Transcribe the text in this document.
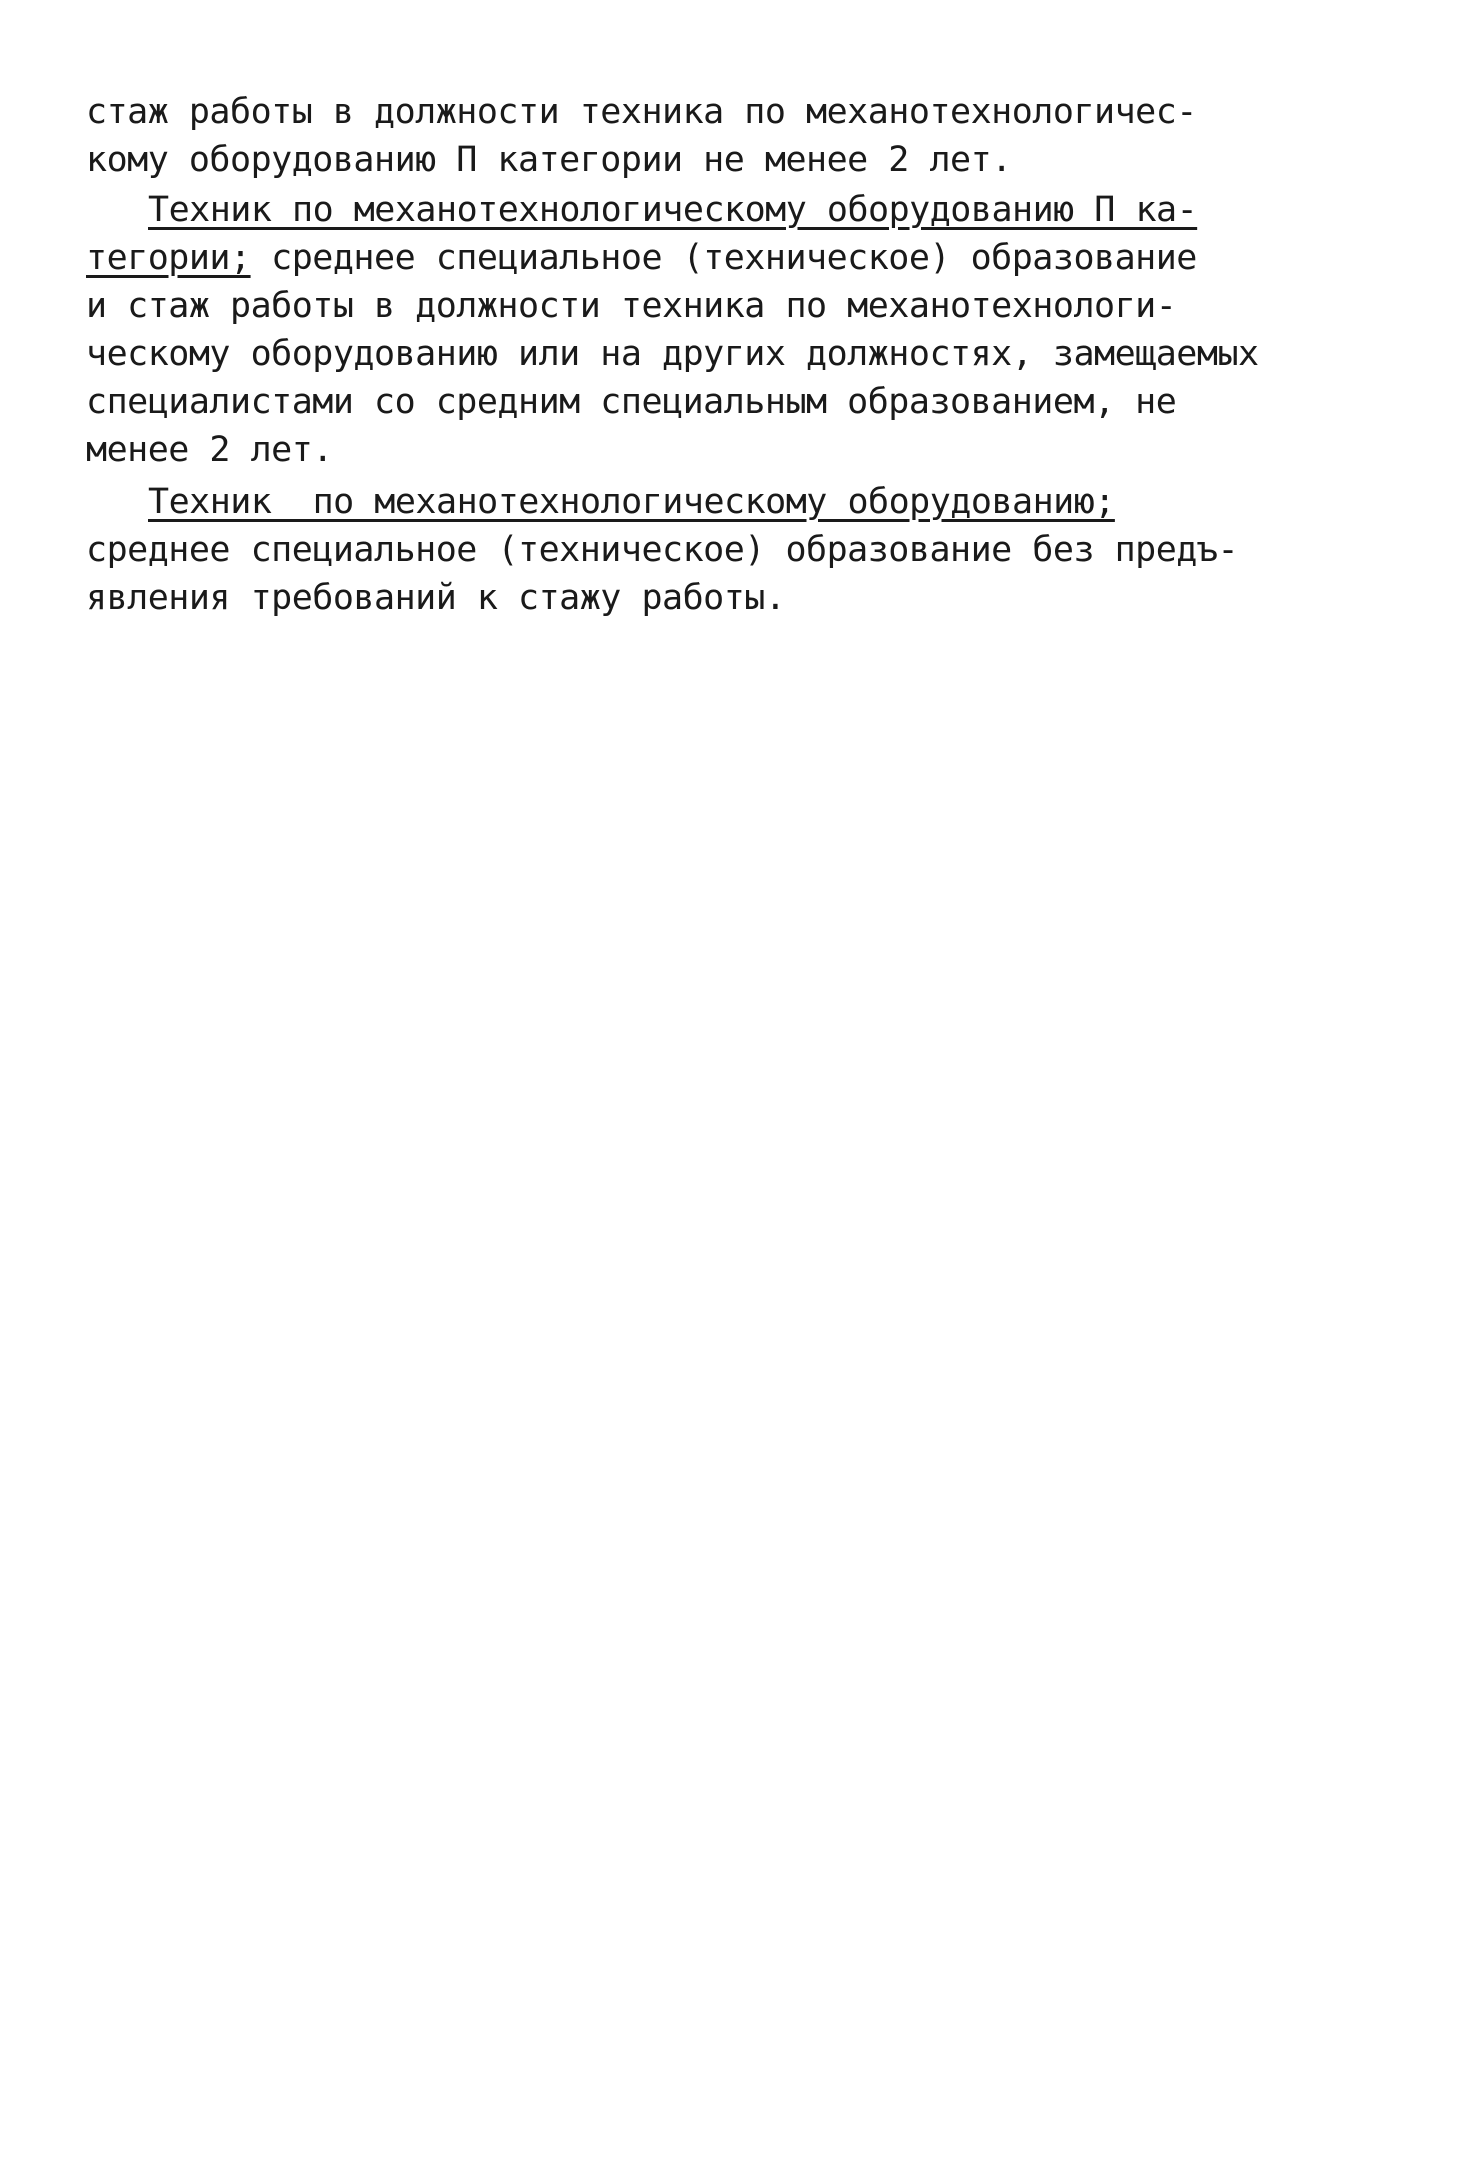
стаж работы в должности техника по механотехнологичес-
кому оборудованию П категории не менее 2 лет.
Техник по механотехнологическому оборудованию П ка-
тегории; среднее специальное (техническое) образование
и стаж работы в должности техника по механотехнологи-
ческому оборудованию или на других должностях, замещаемых
специалистами со средним специальным образованием, не
менее 2 лет.
Техник  по механотехнологическому оборудованию;
среднее специальное (техническое) образование без предъ-
явления требований к стажу работы.
